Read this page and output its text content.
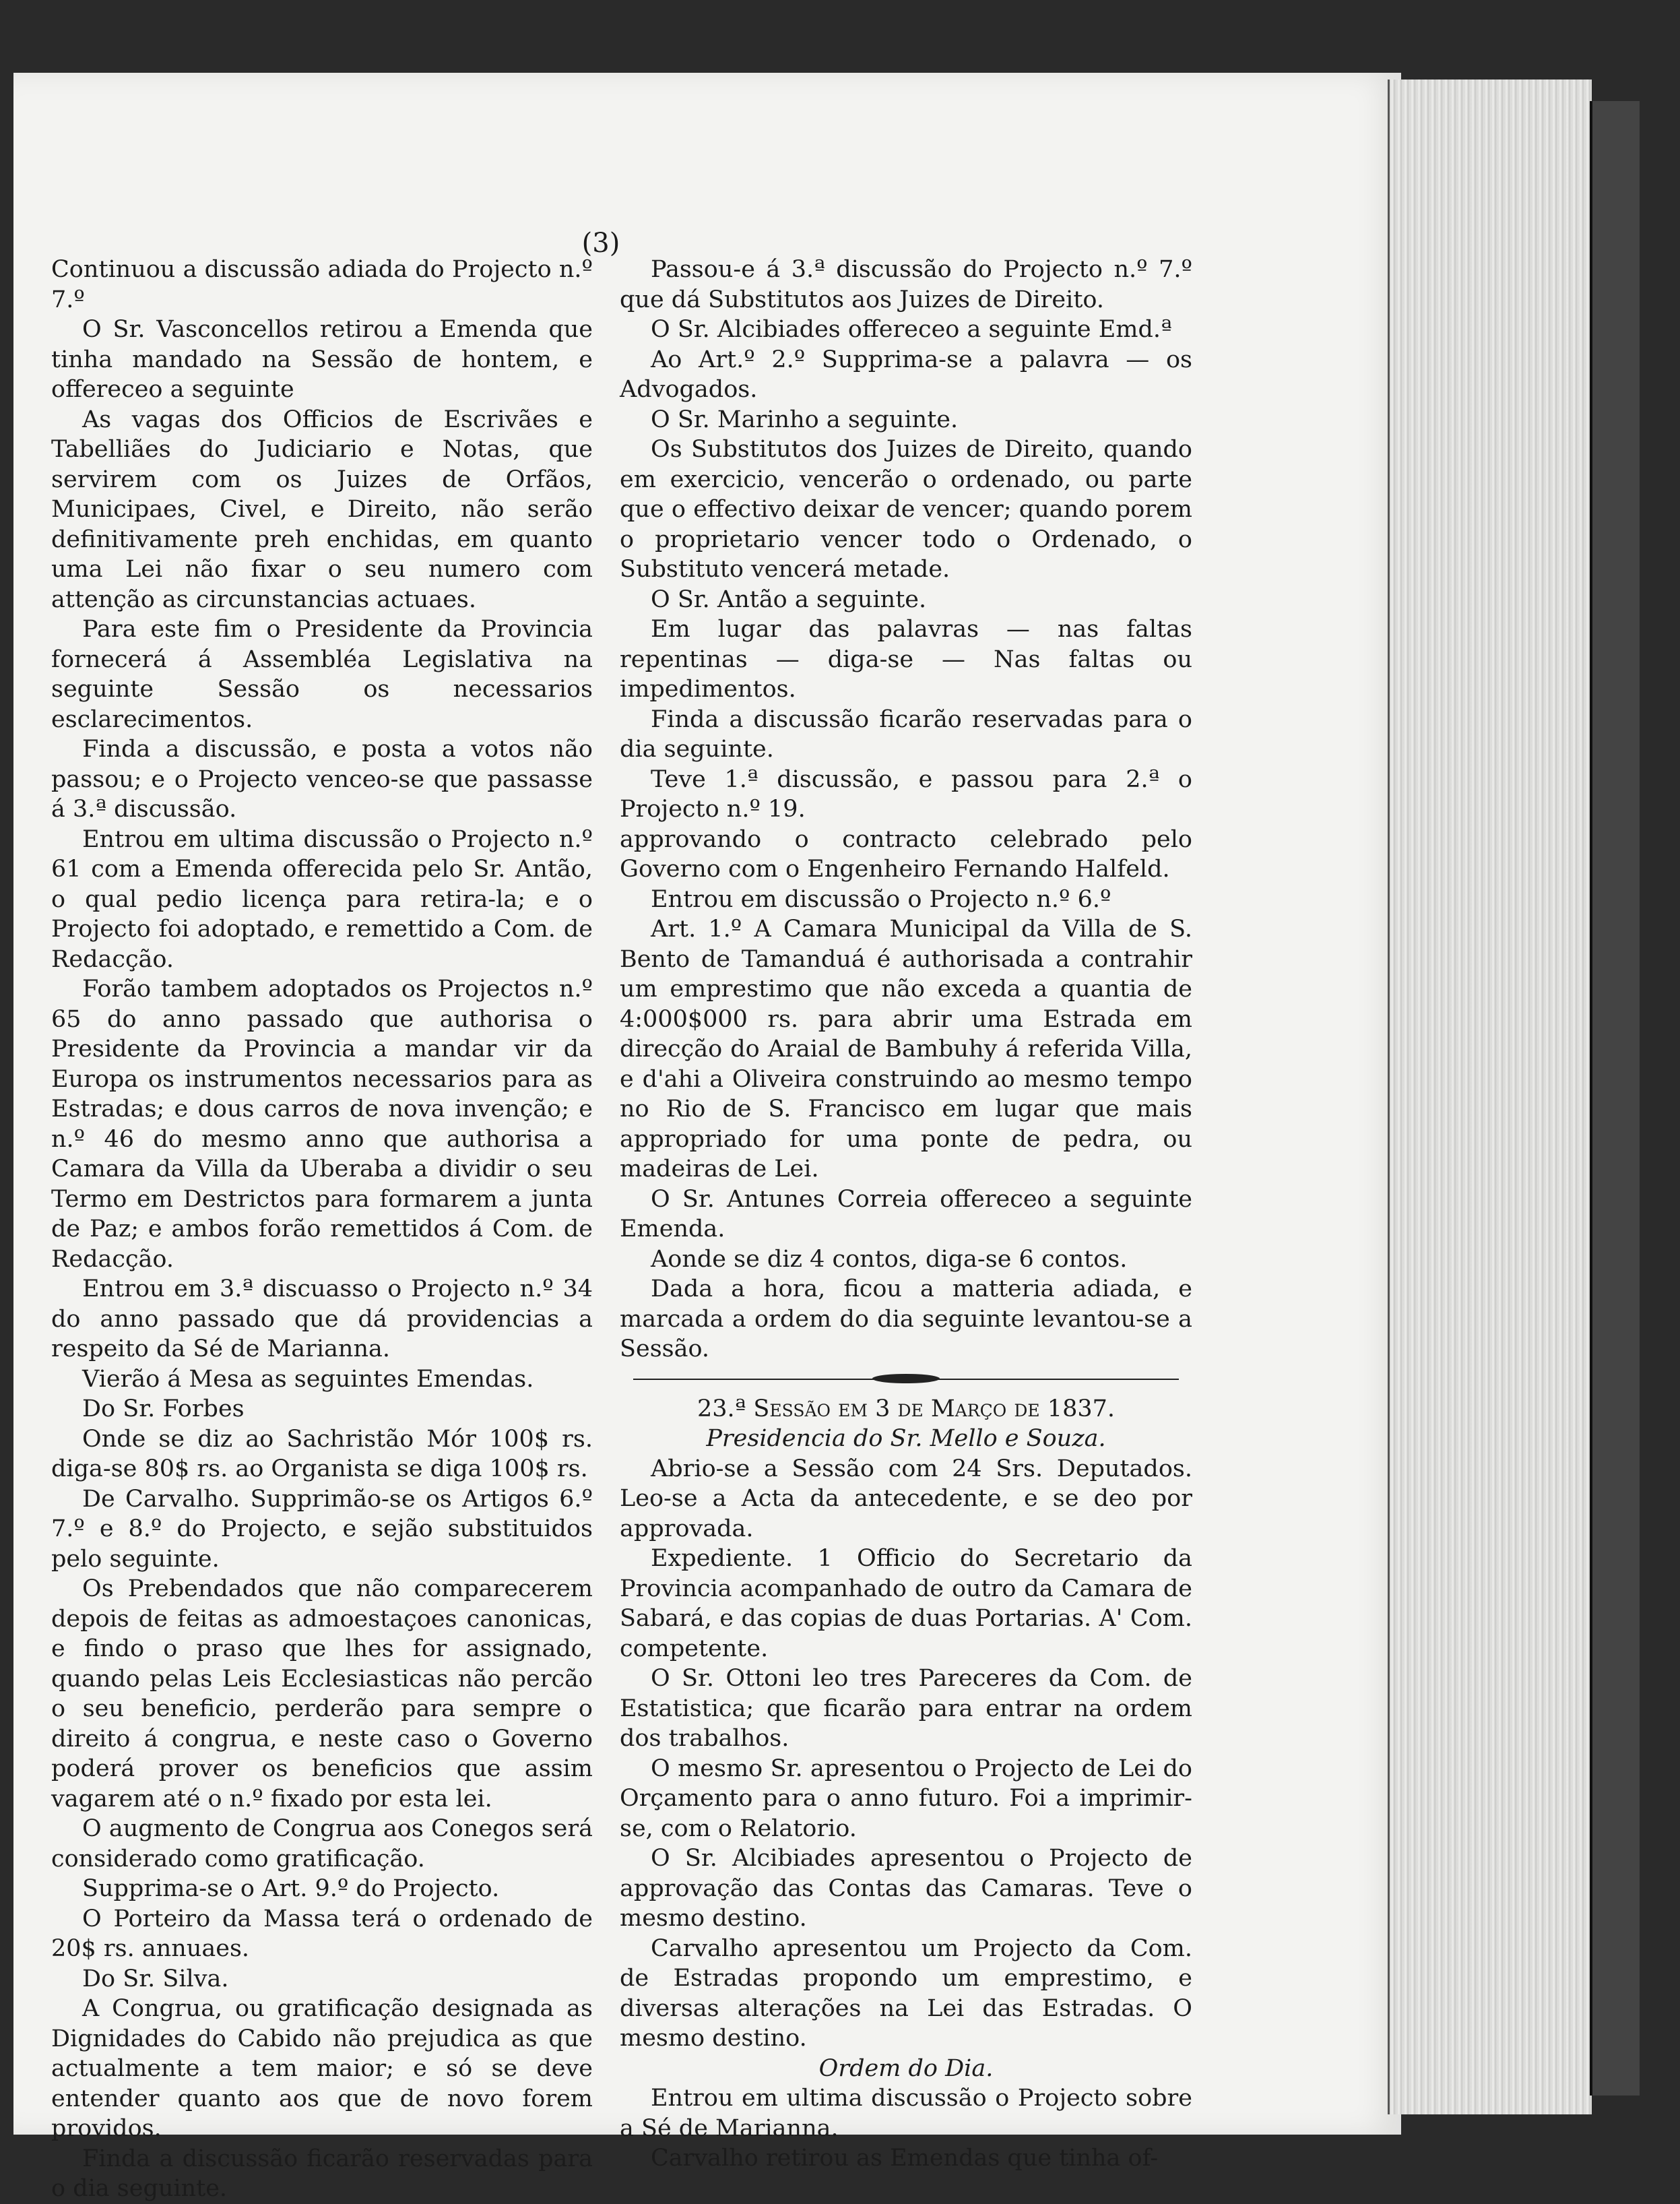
(3)

Continuou a discussão adiada do Projecto n.º 7.º

O Sr. Vasconcellos retirou a Emenda que tinha mandado na Sessão de hontem, e offereceo a seguinte

As vagas dos Officios de Escrivães e Tabelliães do Judiciario e Notas, que servirem com os Juizes de Orfãos, Municipaes, Civel, e Direito, não serão definitivamente preh enchidas, em quanto uma Lei não fixar o seu numero com attenção as circunstancias actuaes.

Para este fim o Presidente da Provincia fornecerá á Assembléa Legislativa na seguinte Sessão os necessarios esclarecimentos.

Finda a discussão, e posta a votos não passou; e o Projecto venceo-se que passasse á 3.ª discussão.

Entrou em ultima discussão o Projecto n.º 61 com a Emenda offerecida pelo Sr. Antão, o qual pedio licença para retira-la; e o Projecto foi adoptado, e remettido a Com. de Redacção.

Forão tambem adoptados os Projectos n.º 65 do anno passado que authorisa o Presidente da Provincia a mandar vir da Europa os instrumentos necessarios para as Estradas; e dous carros de nova invenção; e n.º 46 do mesmo anno que authorisa a Camara da Villa da Uberaba a dividir o seu Termo em Destrictos para formarem a junta de Paz; e ambos forão remettidos á Com. de Redacção.

Entrou em 3.ª discuasso o Projecto n.º 34 do anno passado que dá providencias a respeito da Sé de Marianna.

Vierão á Mesa as seguintes Emendas.

Do Sr. Forbes

Onde se diz ao Sachristão Mór 100$ rs. diga-se 80$ rs. ao Organista se diga 100$ rs.

De Carvalho. Supprimão-se os Artigos 6.º 7.º e 8.º do Projecto, e sejão substituidos pelo seguinte.

Os Prebendados que não comparecerem depois de feitas as admoestaçoes canonicas, e findo o praso que lhes for assignado, quando pelas Leis Ecclesiasticas não percão o seu beneficio, perderão para sempre o direito á congrua, e neste caso o Governo poderá prover os beneficios que assim vagarem até o n.º fixado por esta lei.

O augmento de Congrua aos Conegos será considerado como gratificação.

Supprima-se o Art. 9.º do Projecto.

O Porteiro da Massa terá o ordenado de 20$ rs. annuaes.

Do Sr. Silva.

A Congrua, ou gratificação designada as Dignidades do Cabido não prejudica as que actualmente a tem maior; e só se deve entender quanto aos que de novo forem providos.

Finda a discussão ficarão reservadas para o dia seguinte.

Passou-e á 3.ª discussão do Projecto n.º 7.º que dá Substitutos aos Juizes de Direito.

O Sr. Alcibiades offereceo a seguinte Emd.ª

Ao Art.º 2.º Supprima-se a palavra — os Advogados.

O Sr. Marinho a seguinte.

Os Substitutos dos Juizes de Direito, quando em exercicio, vencerão o ordenado, ou parte que o effectivo deixar de vencer; quando porem o proprietario vencer todo o Ordenado, o Substituto vencerá metade.

O Sr. Antão a seguinte.

Em lugar das palavras — nas faltas repentinas — diga-se — Nas faltas ou impedimentos.

Finda a discussão ficarão reservadas para o dia seguinte.

Teve 1.ª discussão, e passou para 2.ª o Projecto n.º 19.

approvando o contracto celebrado pelo Governo com o Engenheiro Fernando Halfeld.

Entrou em discussão o Projecto n.º 6.º

Art. 1.º A Camara Municipal da Villa de S. Bento de Tamanduá é authorisada a contrahir um emprestimo que não exceda a quantia de 4:000$000 rs. para abrir uma Estrada em direcção do Araial de Bambuhy á referida Villa, e d'ahi a Oliveira construindo ao mesmo tempo no Rio de S. Francisco em lugar que mais appropriado for uma ponte de pedra, ou madeiras de Lei.

O Sr. Antunes Correia offereceo a seguinte Emenda.

Aonde se diz 4 contos, diga-se 6 contos.

Dada a hora, ficou a matteria adiada, e marcada a ordem do dia seguinte levantou-se a Sessão.

23.ª Sessão em 3 de Março de 1837.

Presidencia do Sr. Mello e Souza.

Abrio-se a Sessão com 24 Srs. Deputados. Leo-se a Acta da antecedente, e se deo por approvada.

Expediente. 1 Officio do Secretario da Provincia acompanhado de outro da Camara de Sabará, e das copias de duas Portarias. A' Com. competente.

O Sr. Ottoni leo tres Pareceres da Com. de Estatistica; que ficarão para entrar na ordem dos trabalhos.

O mesmo Sr. apresentou o Projecto de Lei do Orçamento para o anno futuro. Foi a imprimir-se, com o Relatorio.

O Sr. Alcibiades apresentou o Projecto de approvação das Contas das Camaras. Teve o mesmo destino.

Carvalho apresentou um Projecto da Com. de Estradas propondo um emprestimo, e diversas alterações na Lei das Estradas. O mesmo destino.

Ordem do Dia.

Entrou em ultima discussão o Projecto sobre a Sé de Marianna.

Carvalho retirou as Emendas que tinha of-
